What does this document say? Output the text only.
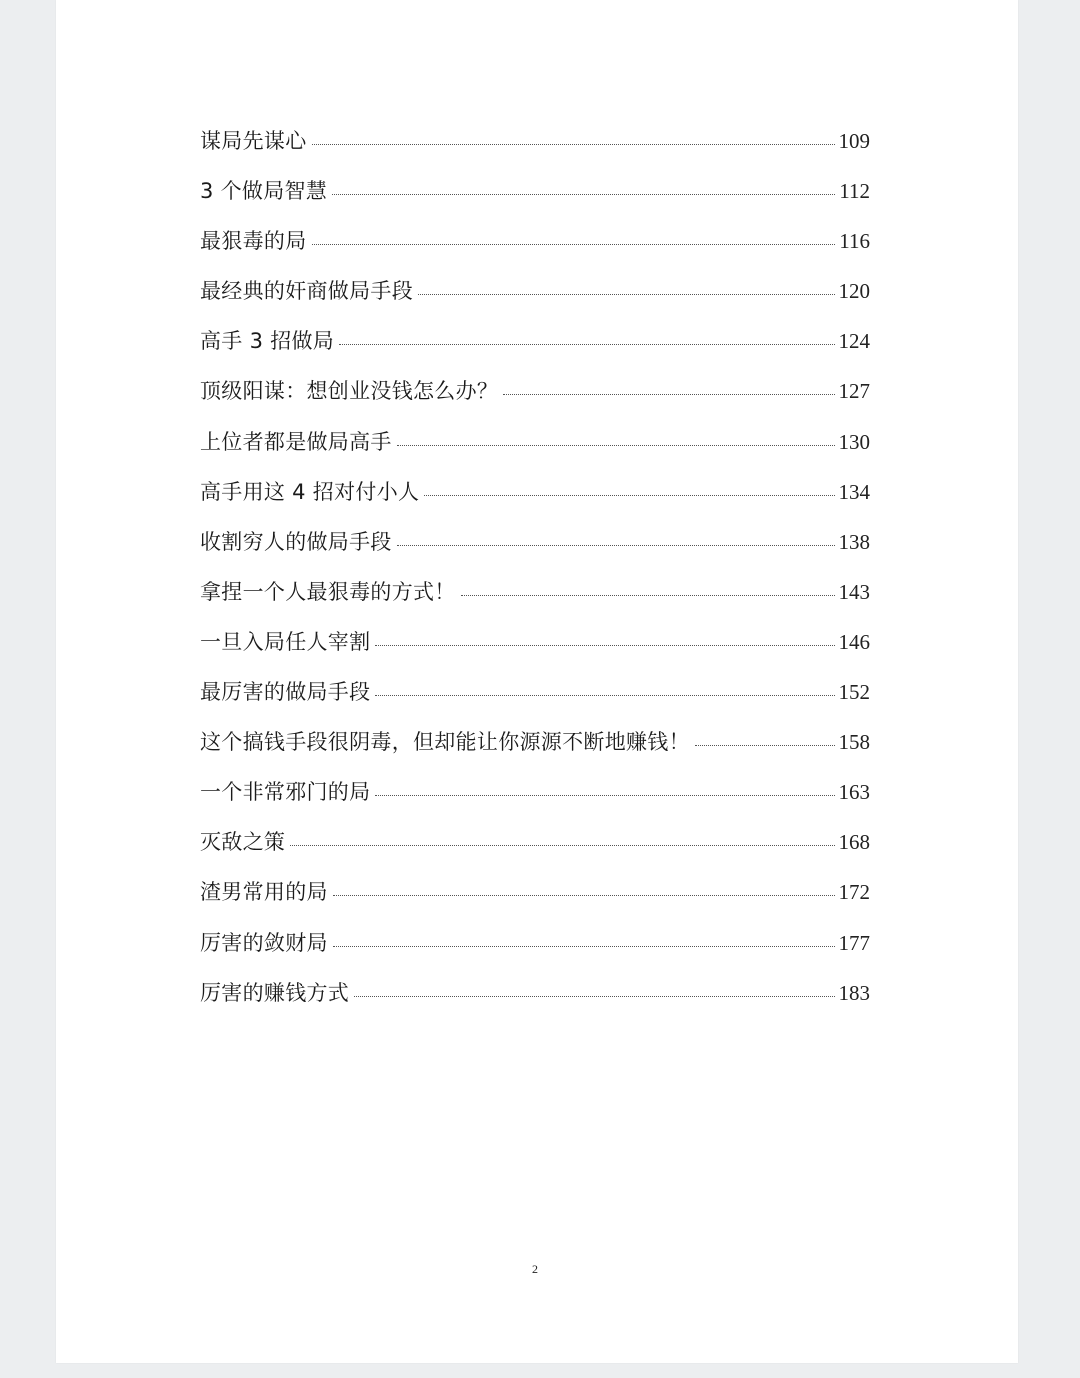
谋局先谋心	109
3 个做局智慧	112
最狠毒的局	116
最经典的奸商做局手段	120
高手 3 招做局	124
顶级阳谋：想创业没钱怎么办？	127
上位者都是做局高手	130
高手用这 4 招对付小人	134
收割穷人的做局手段	138
拿捏一个人最狠毒的方式！	143
一旦入局任人宰割	146
最厉害的做局手段	152
这个搞钱手段很阴毒，但却能让你源源不断地赚钱！	158
一个非常邪门的局	163
灭敌之策	168
渣男常用的局	172
厉害的敛财局	177
厉害的赚钱方式	183
2
